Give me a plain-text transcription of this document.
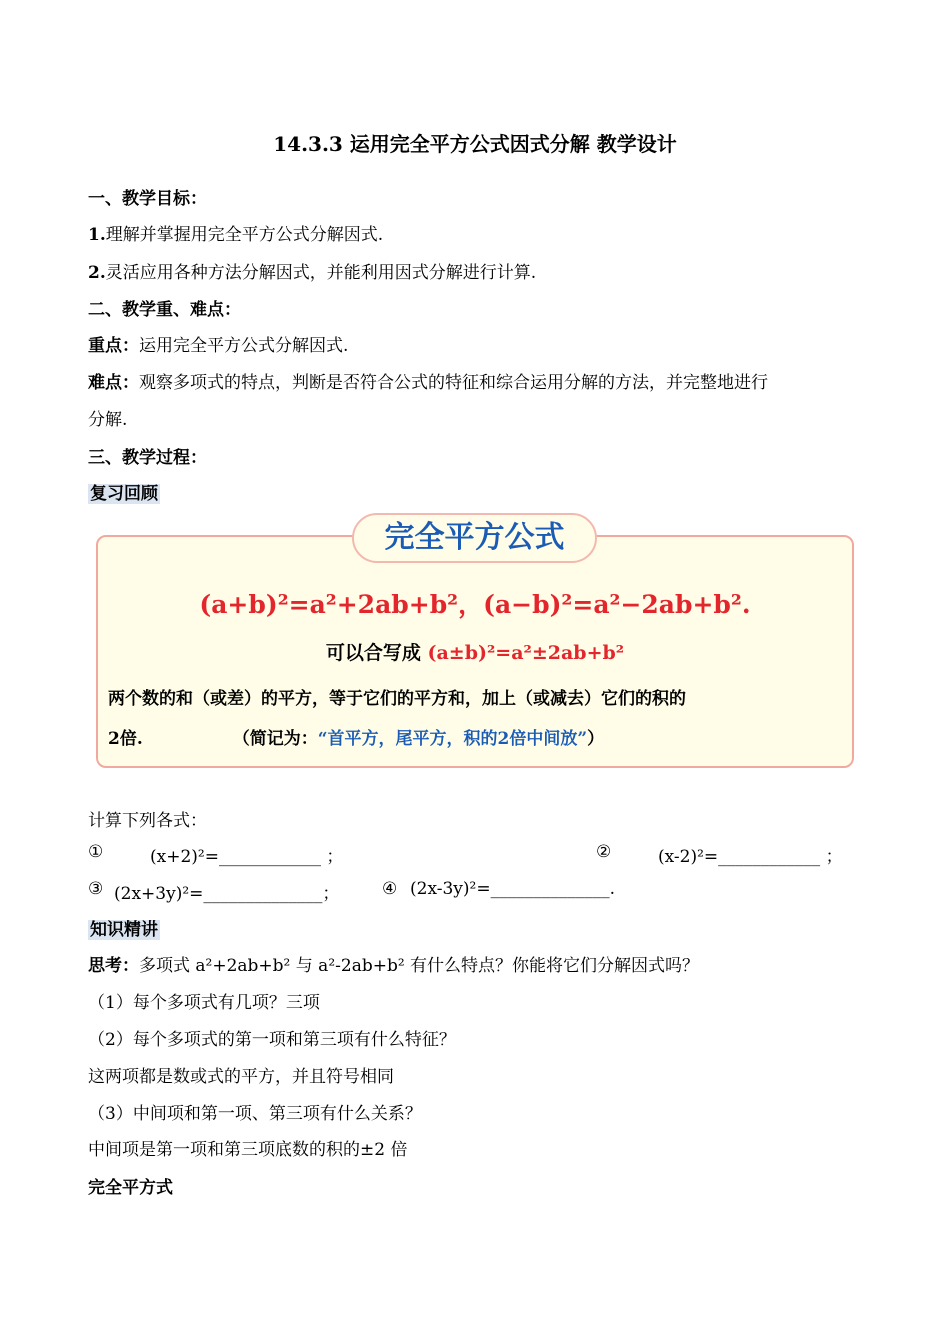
14.3.3 运用完全平方公式因式分解 教学设计
一、教学目标：
1.理解并掌握用完全平方公式分解因式.
2.灵活应用各种方法分解因式，并能利用因式分解进行计算.
二、教学重、难点：
重点：运用完全平方公式分解因式.
难点：观察多项式的特点，判断是否符合公式的特征和综合运用分解的方法，并完整地进行
分解.
三、教学过程：
复习回顾
完全平方公式
(a+b)²=a²+2ab+b²，(a−b)²=a²−2ab+b².
可以合写成 (a±b)²=a²±2ab+b²
两个数的和（或差）的平方，等于它们的平方和，加上（或减去）它们的积的
2倍.	（简记为：“首平方，尾平方，积的2倍中间放”）
计算下列各式：
①	(x+2)²=____________ ；	②	(x-2)²=____________ ；
③ (2x+3y)²=______________；	④ (2x-3y)²=______________.
知识精讲
思考：多项式 a²+2ab+b² 与 a²-2ab+b² 有什么特点？你能将它们分解因式吗？
（1）每个多项式有几项？三项
（2）每个多项式的第一项和第三项有什么特征？
这两项都是数或式的平方，并且符号相同
（3）中间项和第一项、第三项有什么关系？
中间项是第一项和第三项底数的积的±2 倍
完全平方式
